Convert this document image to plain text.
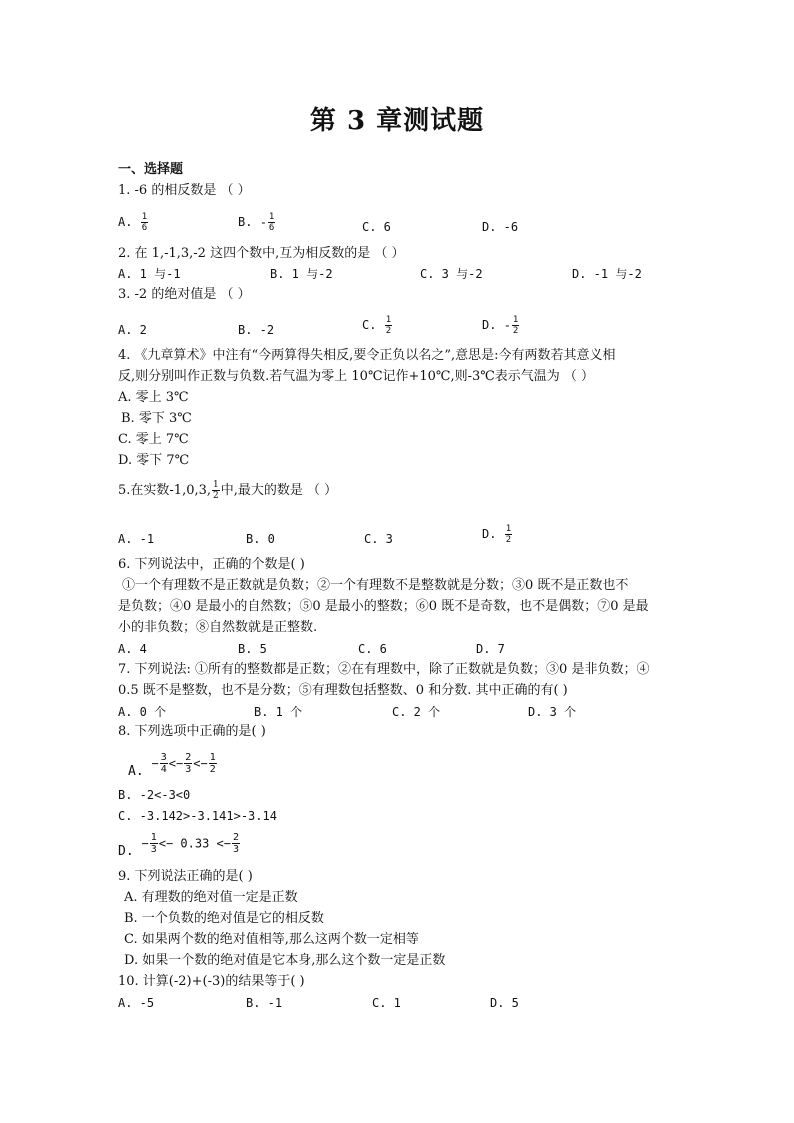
第 3 章测试题
一、选择题
1. -6 的相反数是 （ ）
A. $\frac{1}{6}$	B. - $\frac{1}{6}$	C. 6	D. -6
2. 在 1,-1,3,-2 这四个数中,互为相反数的是 （ ）
A. 1 与-1	B. 1 与-2	C. 3 与-2	D. -1 与-2
3. -2 的绝对值是 （ ）
A. 2	B. -2	C. $\frac{1}{2}$	D. - $\frac{1}{2}$
4. 《九章算术》中注有“今两算得失相反,要令正负以名之”,意思是:今有两数若其意义相
反,则分别叫作正数与负数.若气温为零上 10℃记作+10℃,则-3℃表示气温为 （ ）
A. 零上 3℃
B. 零下 3℃
C. 零上 7℃
D. 零下 7℃
5.在实数-1,0,3, $\frac{1}{2}$ 中,最大的数是 （ ）
A. -1	B. 0	C. 3	D. $\frac{1}{2}$
6. 下列说法中，正确的个数是( )
①一个有理数不是正数就是负数；②一个有理数不是整数就是分数；③0 既不是正数也不
是负数；④0 是最小的自然数；⑤0 是最小的整数；⑥0 既不是奇数，也不是偶数；⑦0 是最
小的非负数；⑧自然数就是正整数.
A. 4	B. 5	C. 6	D. 7
7. 下列说法: ①所有的整数都是正数；②在有理数中，除了正数就是负数；③0 是非负数；④
0.5 既不是整数，也不是分数；⑤有理数包括整数、0 和分数. 其中正确的有( )
A. 0 个	B. 1 个	C. 2 个	D. 3 个
8. 下列选项中正确的是( )
A. − $\frac{3}{4} <- \frac{2}{3} <- \frac{1}{2}$
B. -2<-3<0
C. -3.142>-3.141>-3.14
D. − $\frac{1}{3} <- 0.33 <- \frac{2}{3}$
9. 下列说法正确的是( )
A. 有理数的绝对值一定是正数
B. 一个负数的绝对值是它的相反数
C. 如果两个数的绝对值相等,那么这两个数一定相等
D. 如果一个数的绝对值是它本身,那么这个数一定是正数
10. 计算(-2)+(-3)的结果等于( )
A. -5	B. -1	C. 1	D. 5
